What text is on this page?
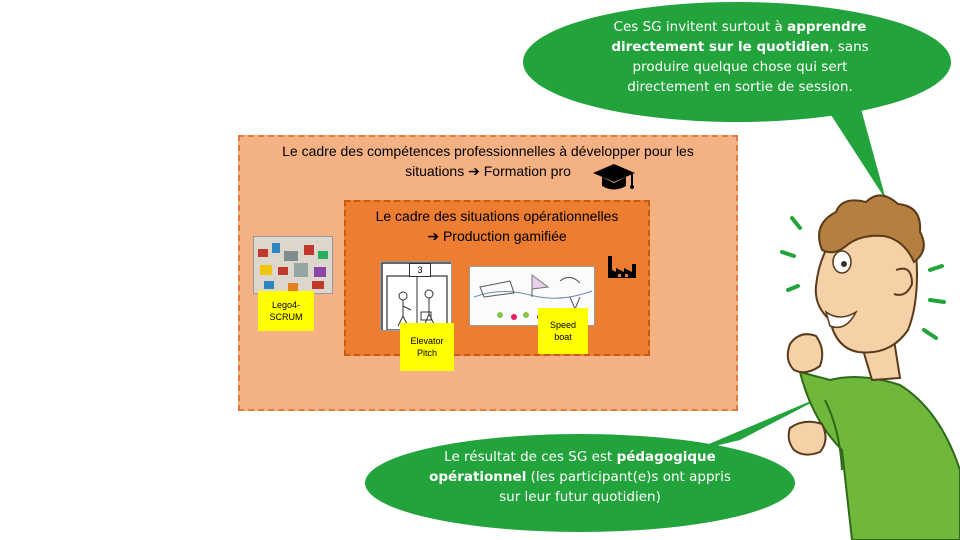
Le cadre des compétences professionnelles à développer pour les
situations ➔ Formation pro
Le cadre des situations opérationnelles
➔ Production gamifiée
Lego4-
SCRUM
3
Elevator
Pitch
Speed
boat
Ces SG invitent surtout à apprendre directement sur le quotidien, sans produire quelque chose qui sert directement en sortie de session.
Le résultat de ces SG est pédagogique opérationnel (les participant(e)s ont appris sur leur futur quotidien)
